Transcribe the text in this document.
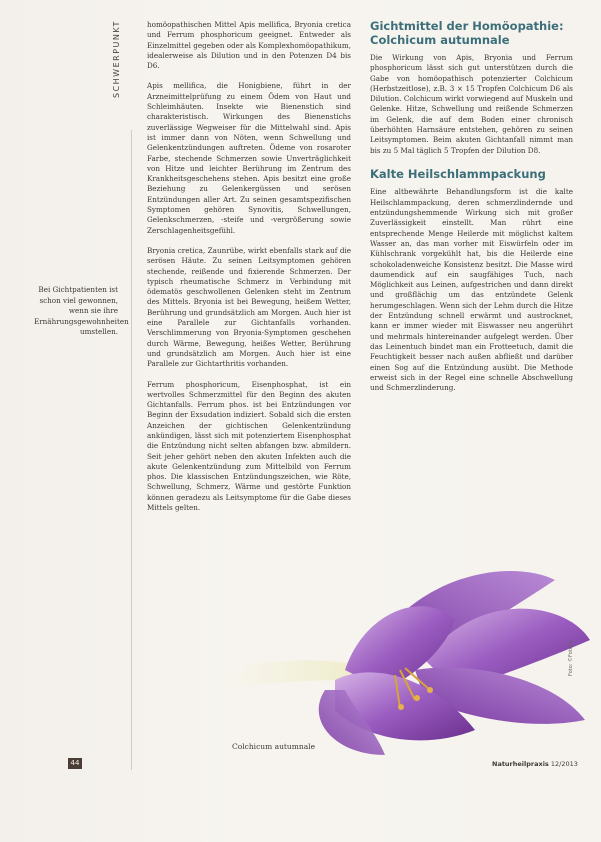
SCHWERPUNKT
Bei Gichtpatienten ist schon viel gewonnen, wenn sie ihre Ernährungsgewohnheiten umstellen.

homöopathischen Mittel Apis mellifica, Bryonia cretica und Ferrum phosphoricum geeignet. Entweder als Einzelmittel gegeben oder als Komplexhomöopathikum, idealerweise als Dilution und in den Potenzen D4 bis D6.

Apis mellifica, die Honigbiene, führt in der Arzneimittelprüfung zu einem Ödem von Haut und Schleimhäuten. Insekte wie Bienenstich sind charakteristisch. Wirkungen des Bienenstichs zuverlässige Wegweiser für die Mittelwahl sind. Apis ist immer dann von Nöten, wenn Schwellung und Gelenkentzündungen auftreten. Ödeme von rosaroter Farbe, stechende Schmerzen sowie Unverträglichkeit von Hitze und leichter Berührung im Zentrum des Krankheitsgeschehens stehen. Apis besitzt eine große Beziehung zu Gelenkergüssen und serösen Entzündungen aller Art. Zu seinen gesamtspezifischen Symptomen gehören Synovitis, Schwellungen, Gelenkschmerzen, -steife und -vergrößerung sowie Zerschlagenheitsgefühl.

Bryonia cretica, Zaunrübe, wirkt ebenfalls stark auf die serösen Häute. Zu seinen Leitsymptomen gehören stechende, reißende und fixierende Schmerzen. Der typisch rheumatische Schmerz in Verbindung mit ödematös geschwollenen Gelenken steht im Zentrum des Mittels. Bryonia ist bei Bewegung, heißem Wetter, Berührung und grundsätzlich am Morgen. Auch hier ist eine Parallele zur Gichtanfalls vorhanden. Verschlimmerung von Bryonia-Symptomen geschehen durch Wärme, Bewegung, heißes Wetter, Berührung und grundsätzlich am Morgen. Auch hier ist eine Parallele zur Gichtarthritis vorhanden.

Ferrum phosphoricum, Eisenphosphat, ist ein wertvolles Schmerzmittel für den Beginn des akuten Gichtanfalls. Ferrum phos. ist bei Entzündungen vor Beginn der Exsudation indiziert. Sobald sich die ersten Anzeichen der gichtischen Gelenkentzündung ankündigen, lässt sich mit potenziertem Eisenphosphat die Entzündung nicht selten abfangen bzw. abmildern. Seit jeher gehört neben den akuten Infekten auch die akute Gelenkentzündung zum Mittelbild von Ferrum phos. Die klassischen Entzündungszeichen, wie Röte, Schwellung, Schmerz, Wärme und gestörte Funktion können geradezu als Leitsymptome für die Gabe dieses Mittels gelten.

Gichtmittel der Homöopathie:
Colchicum autumnale

Die Wirkung von Apis, Bryonia und Ferrum phosphoricum lässt sich gut unterstützen durch die Gabe von homöopathisch potenzierter Colchicum (Herbstzeitlose), z.B. 3 × 15 Tropfen Colchicum D6 als Dilution. Colchicum wirkt vorwiegend auf Muskeln und Gelenke. Hitze, Schwellung und reißende Schmerzen im Gelenk, die auf dem Boden einer chronisch überhöhten Harnsäure entstehen, gehören zu seinen Leitsymptomen. Beim akuten Gichtanfall nimmt man bis zu 5 Mal täglich 5 Tropfen der Dilution D8.

Kalte Heilschlammpackung

Eine altbewährte Behandlungsform ist die kalte Heilschlammpackung, deren schmerzlindernde und entzündungshemmende Wirkung sich mit großer Zuverlässigkeit einstellt. Man rührt eine entsprechende Menge Heilerde mit möglichst kaltem Wasser an, das man vorher mit Eiswürfeln oder im Kühlschrank vorgekühlt hat, bis die Heilerde eine schokoladenweiche Konsistenz besitzt. Die Masse wird daumendick auf ein saugfähiges Tuch, nach Möglichkeit aus Leinen, aufgestrichen und dann direkt und großflächig um das entzündete Gelenk herumgeschlagen. Wenn sich der Lehm durch die Hitze der Entzündung schnell erwärmt und austrocknet, kann er immer wieder mit Eiswasser neu angerührt und mehrmals hintereinander aufgelegt werden. Über das Leinentuch bindet man ein Frotteetuch, damit die Feuchtigkeit besser nach außen abfließt und darüber einen Sog auf die Entzündung ausübt. Die Methode erweist sich in der Regel eine schnelle Abschwellung und Schmerzlinderung.

Colchicum autumnale
Foto: ©Fotolia
44	Naturheilpraxis 12/2013
